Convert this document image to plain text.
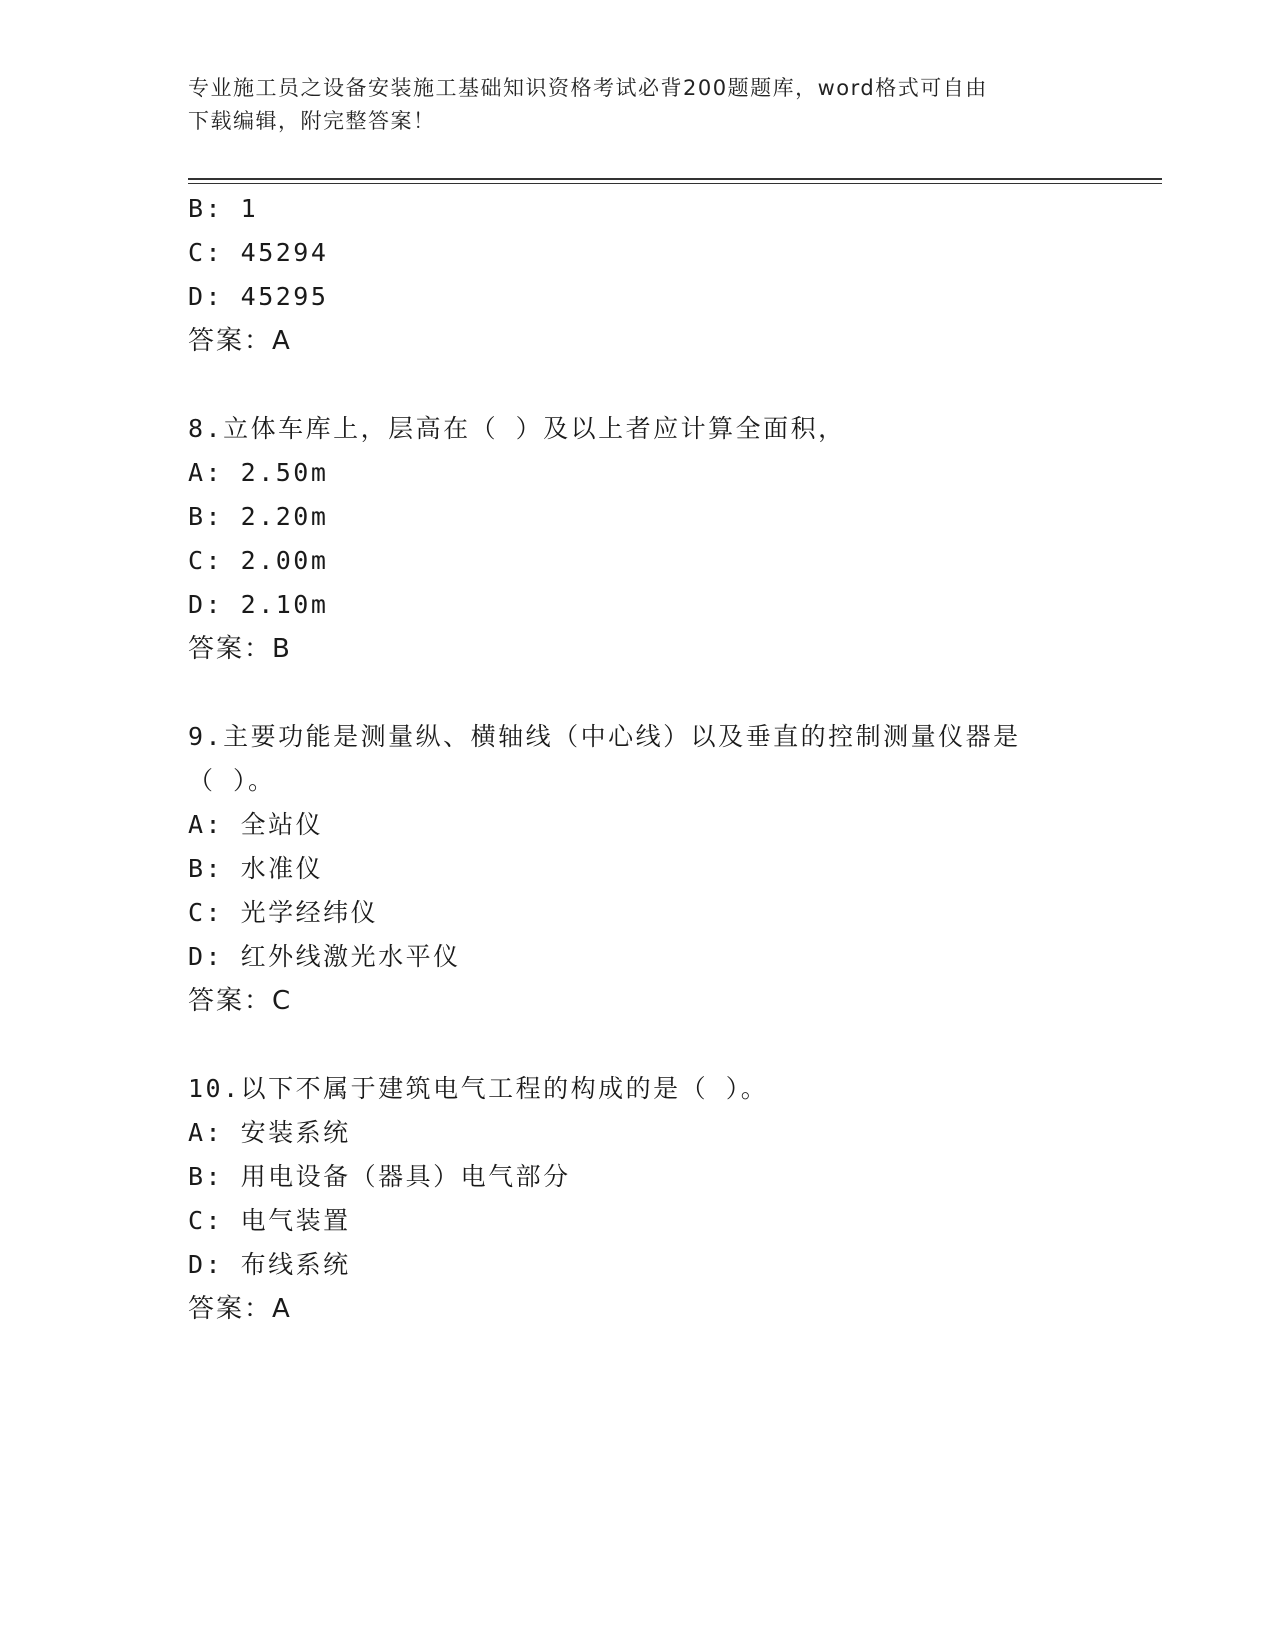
专业施工员之设备安装施工基础知识资格考试必背200题题库，word格式可自由
下载编辑，附完整答案！
B: 1
C: 45294
D: 45295
答案：A
8.立体车库上，层高在（ ）及以上者应计算全面积，
A: 2.50m
B: 2.20m
C: 2.00m
D: 2.10m
答案：B
9.主要功能是测量纵、横轴线（中心线）以及垂直的控制测量仪器是
（ ）。
A: 全站仪
B: 水准仪
C: 光学经纬仪
D: 红外线激光水平仪
答案：C
10.以下不属于建筑电气工程的构成的是（ ）。
A: 安装系统
B: 用电设备（器具）电气部分
C: 电气装置
D: 布线系统
答案：A
